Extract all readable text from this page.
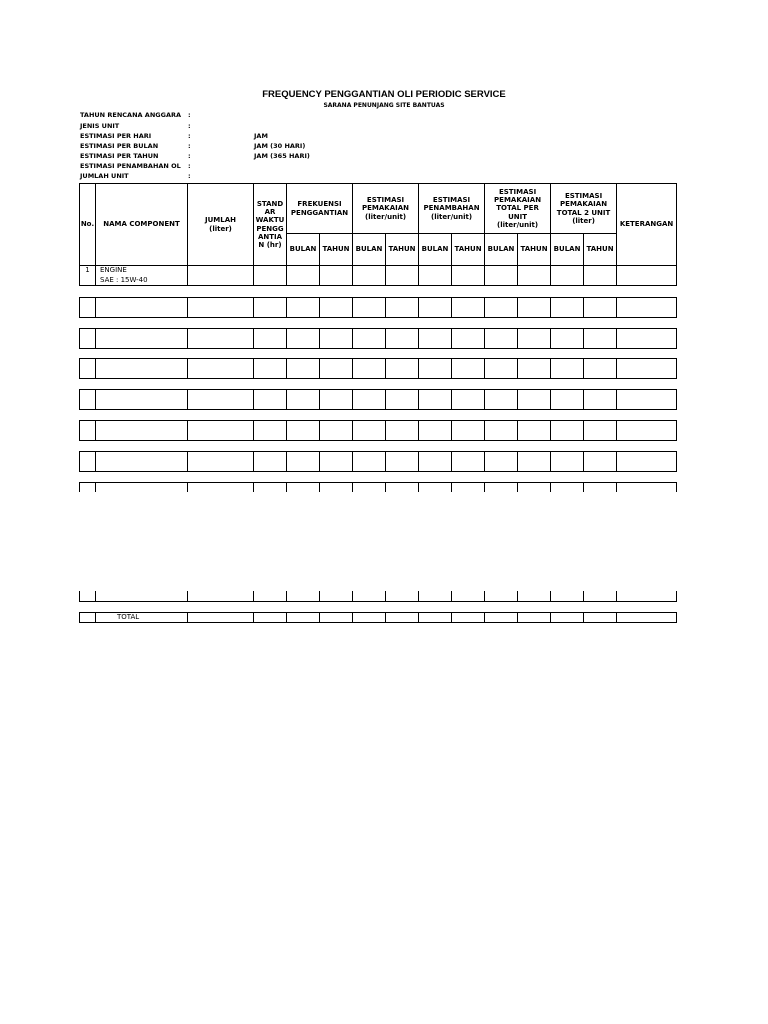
FREQUENCY PENGGANTIAN OLI PERIODIC SERVICE
SARANA PENUNJANG SITE BANTUAS
TAHUN RENCANA ANGGARA :
JENIS UNIT	:
ESTIMASI PER HARI	:	JAM
ESTIMASI PER BULAN	:	JAM (30 HARI)
ESTIMASI PER TAHUN	:	JAM (365 HARI)
ESTIMASI PENAMBAHAN OL :
JUMLAH UNIT	:
No.	NAMA COMPONENT	JUMLAH (liter)	STAND AR WAKTU PENGG ANTIA N (hr)	FREKUENSI PENGGANTIAN		ESTIMASI PEMAKAIAN (liter/unit)		ESTIMASI PENAMBAHAN (liter/unit)		ESTIMASI PEMAKAIAN TOTAL PER UNIT (liter/unit)		ESTIMASI PEMAKAIAN TOTAL 2 UNIT (liter)		KETERANGAN
				BULAN	TAHUN	BULAN	TAHUN	BULAN	TAHUN	BULAN	TAHUN	BULAN	TAHUN	
1	ENGINE
SAE : 15W-40													

	TOTAL													
